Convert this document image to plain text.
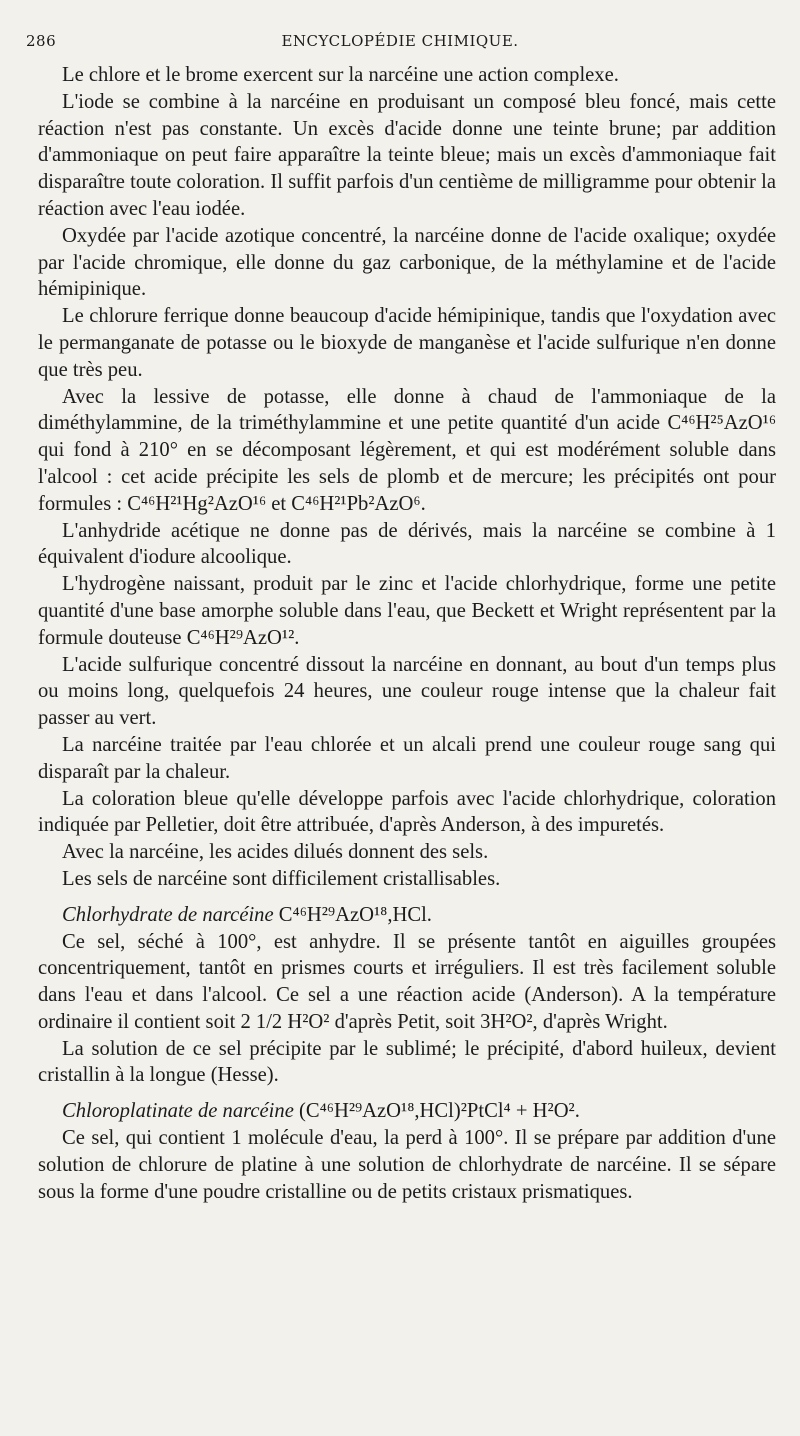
286	ENCYCLOPÉDIE CHIMIQUE.

Le chlore et le brome exercent sur la narcéine une action complexe.

L'iode se combine à la narcéine en produisant un composé bleu foncé, mais cette réaction n'est pas constante. Un excès d'acide donne une teinte brune; par addition d'ammoniaque on peut faire apparaître la teinte bleue; mais un excès d'ammoniaque fait disparaître toute coloration. Il suffit parfois d'un centième de milligramme pour obtenir la réaction avec l'eau iodée.

Oxydée par l'acide azotique concentré, la narcéine donne de l'acide oxalique; oxydée par l'acide chromique, elle donne du gaz carbonique, de la méthylamine et de l'acide hémipinique.

Le chlorure ferrique donne beaucoup d'acide hémipinique, tandis que l'oxydation avec le permanganate de potasse ou le bioxyde de manganèse et l'acide sulfurique n'en donne que très peu.

Avec la lessive de potasse, elle donne à chaud de l'ammoniaque de la diméthylammine, de la triméthylammine et une petite quantité d'un acide C⁴⁶H²⁵AzO¹⁶ qui fond à 210° en se décomposant légèrement, et qui est modérément soluble dans l'alcool : cet acide précipite les sels de plomb et de mercure; les précipités ont pour formules : C⁴⁶H²¹Hg²AzO¹⁶ et C⁴⁶H²¹Pb²AzO⁶.

L'anhydride acétique ne donne pas de dérivés, mais la narcéine se combine à 1 équivalent d'iodure alcoolique.

L'hydrogène naissant, produit par le zinc et l'acide chlorhydrique, forme une petite quantité d'une base amorphe soluble dans l'eau, que Beckett et Wright représentent par la formule douteuse C⁴⁶H²⁹AzO¹².

L'acide sulfurique concentré dissout la narcéine en donnant, au bout d'un temps plus ou moins long, quelquefois 24 heures, une couleur rouge intense que la chaleur fait passer au vert.

La narcéine traitée par l'eau chlorée et un alcali prend une couleur rouge sang qui disparaît par la chaleur.

La coloration bleue qu'elle développe parfois avec l'acide chlorhydrique, coloration indiquée par Pelletier, doit être attribuée, d'après Anderson, à des impuretés.

Avec la narcéine, les acides dilués donnent des sels.

Les sels de narcéine sont difficilement cristallisables.

Chlorhydrate de narcéine C⁴⁶H²⁹AzO¹⁸,HCl.

Ce sel, séché à 100°, est anhydre. Il se présente tantôt en aiguilles groupées concentriquement, tantôt en prismes courts et irréguliers. Il est très facilement soluble dans l'eau et dans l'alcool. Ce sel a une réaction acide (Anderson). A la température ordinaire il contient soit 2 1/2 H²O² d'après Petit, soit 3H²O², d'après Wright.

La solution de ce sel précipite par le sublimé; le précipité, d'abord huileux, devient cristallin à la longue (Hesse).

Chloroplatinate de narcéine (C⁴⁶H²⁹AzO¹⁸,HCl)²PtCl⁴ + H²O².

Ce sel, qui contient 1 molécule d'eau, la perd à 100°. Il se prépare par addition d'une solution de chlorure de platine à une solution de chlorhydrate de narcéine. Il se sépare sous la forme d'une poudre cristalline ou de petits cristaux prismatiques.
